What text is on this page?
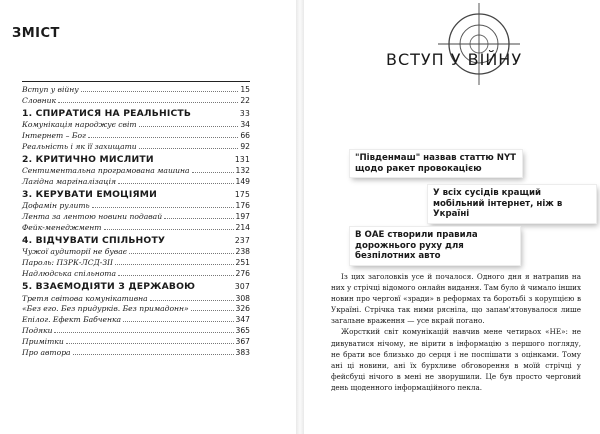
ЗМІСТ
Вступ у війну	15
Словник	22
1. СПИРАТИСЯ НА РЕАЛЬНІСТЬ	33
Комунікація народжує світ	34
Інтернет – Бог	66
Реальність і як її захищати	92
2. КРИТИЧНО МИСЛИТИ	131
Сентиментальна програмована машина	132
Лагідна маргіналізація	149
3. КЕРУВАТИ ЕМОЦІЯМИ	175
Дофамін рулить	176
Лента за лентою новини подавай	197
Фейк-менеджмент	214
4. ВІДЧУВАТИ СПІЛЬНОТУ	237
Чужої аудиторії не буває	238
Пароль: ПЗРК-ЛСД-ЗІІ	251
Надлюдська спільнота	276
5. ВЗАЄМОДІЯТИ З ДЕРЖАВОЮ	307
Третя світова комунікативна	308
«Без его. Без придурків. Без примадонн»	326
Епілог. Ефект Бабченка	347
Подяки	365
Примітки	367
Про автора	383
ВСТУП У ВІЙНУ
"Південмаш" назвав статтю NYT щодо ракет провокацією
У всіх сусідів кращий мобільний інтернет, ніж в Україні
В ОАЕ створили правила дорожнього руху для безпілотних авто

Із цих заголовків усе й почалося. Одного дня я натрапив на них у стрічці відомого онлайн видання. Там було й чимало інших новин про черговї «зради» в реформах та боротьбі з корупцією в Україні. Стрічка так ними рясніла, що запам'ятовувалося лише загальне враження — усе вкрай погано.

Жорсткий світ комунікацій навчив мене четирьох «НЕ»: не дивуватися нічому, не вірити в інформацію з першого погляду, не брати все близько до серця і не поспішати з оцінками. Тому ані ці новини, ані їх бурхливе обговорення в моїй стрічці у фейсбуці нічого в мені не зворушили. Це був просто черговий день щоденного інформаційного пекла.
